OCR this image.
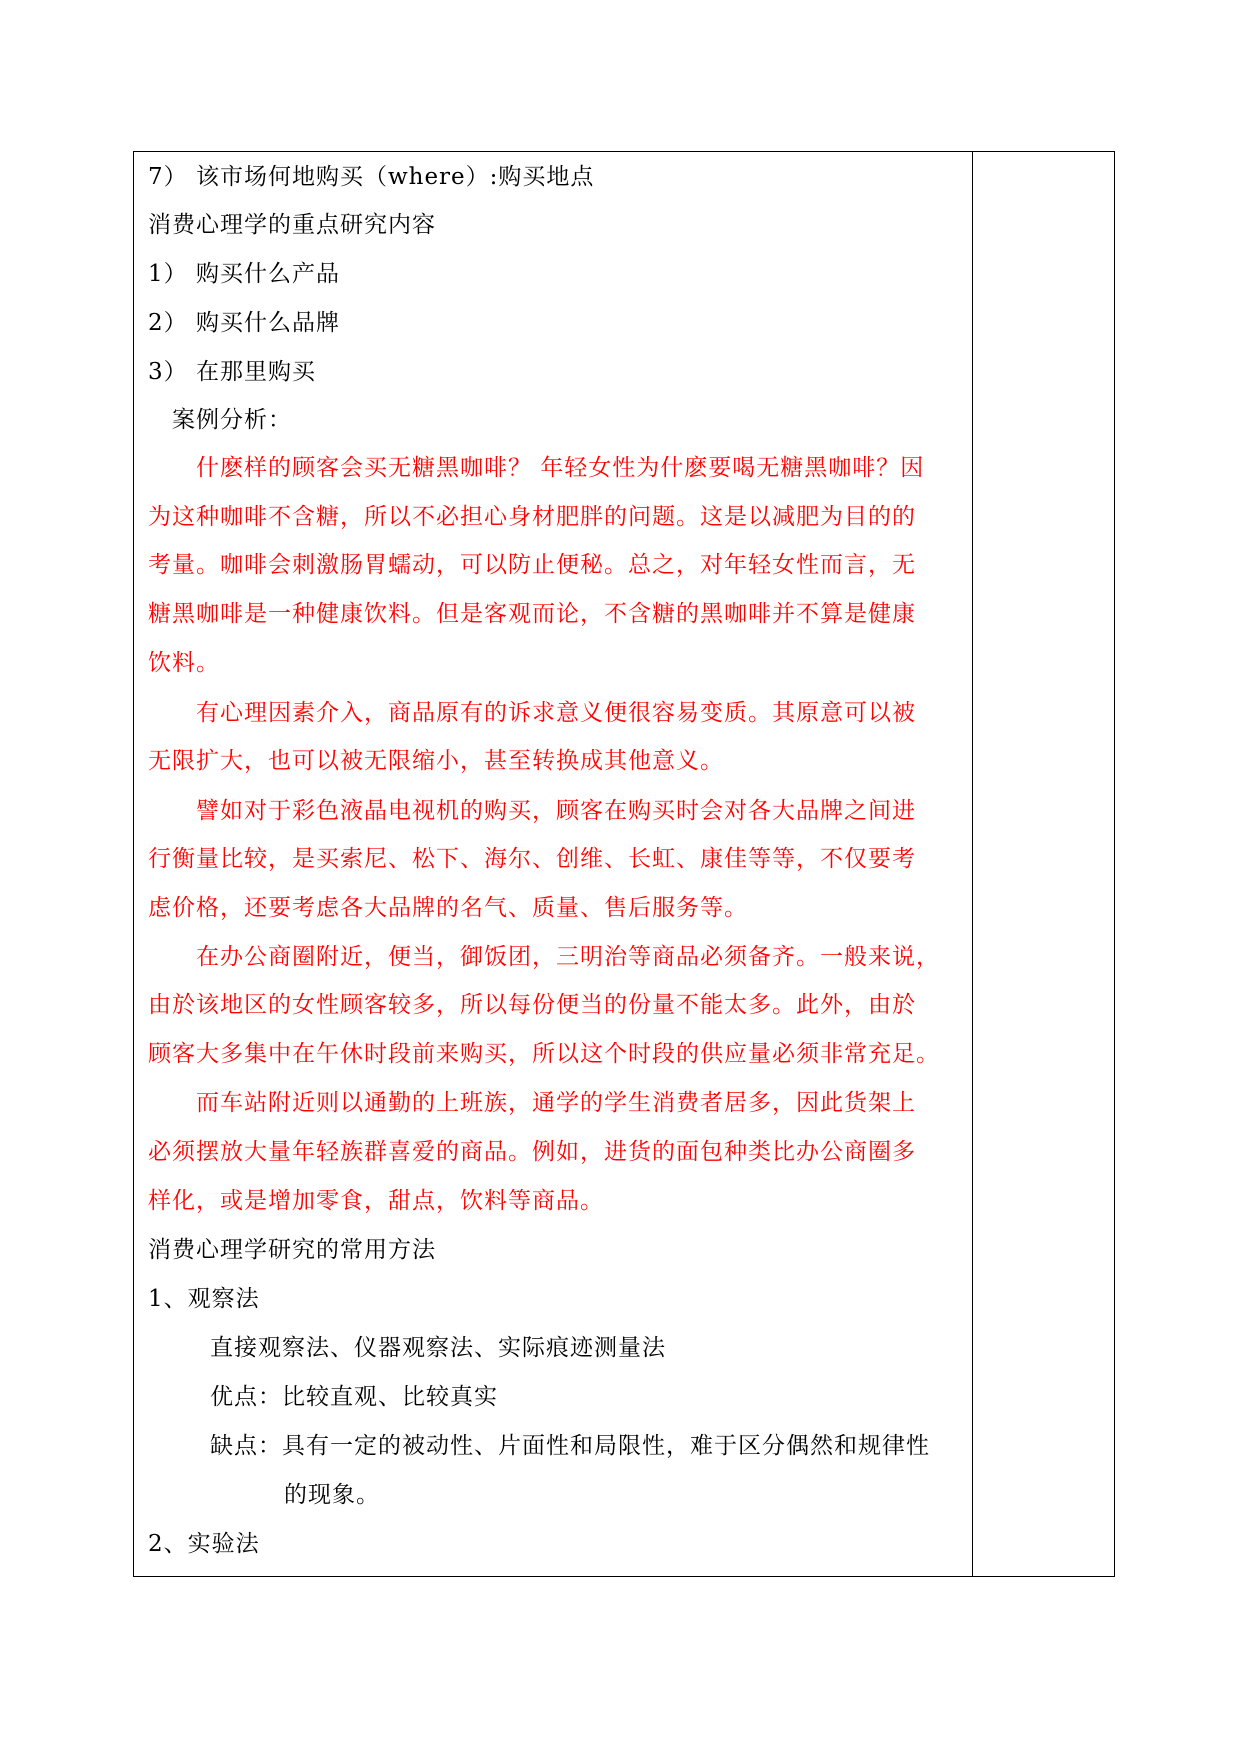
7） 该市场何地购买（where）:购买地点
消费心理学的重点研究内容
1） 购买什么产品
2） 购买什么品牌
3） 在那里购买
案例分析：
什麽样的顾客会买无糖黑咖啡？ 年轻女性为什麽要喝无糖黑咖啡？因
为这种咖啡不含糖，所以不必担心身材肥胖的问题。这是以减肥为目的的
考量。咖啡会刺激肠胃蠕动，可以防止便秘。总之，对年轻女性而言，无
糖黑咖啡是一种健康饮料。但是客观而论，不含糖的黑咖啡并不算是健康
饮料。
有心理因素介入，商品原有的诉求意义便很容易变质。其原意可以被
无限扩大，也可以被无限缩小，甚至转换成其他意义。
譬如对于彩色液晶电视机的购买，顾客在购买时会对各大品牌之间进
行衡量比较，是买索尼、松下、海尔、创维、长虹、康佳等等，不仅要考
虑价格，还要考虑各大品牌的名气、质量、售后服务等。
在办公商圈附近，便当，御饭团，三明治等商品必须备齐。一般来说，
由於该地区的女性顾客较多，所以每份便当的份量不能太多。此外，由於
顾客大多集中在午休时段前来购买，所以这个时段的供应量必须非常充足。
而车站附近则以通勤的上班族，通学的学生消费者居多，因此货架上
必须摆放大量年轻族群喜爱的商品。例如，进货的面包种类比办公商圈多
样化，或是增加零食，甜点，饮料等商品。
消费心理学研究的常用方法
1、观察法
直接观察法、仪器观察法、实际痕迹测量法
优点：比较直观、比较真实
缺点：具有一定的被动性、片面性和局限性，难于区分偶然和规律性
的现象。
2、实验法
